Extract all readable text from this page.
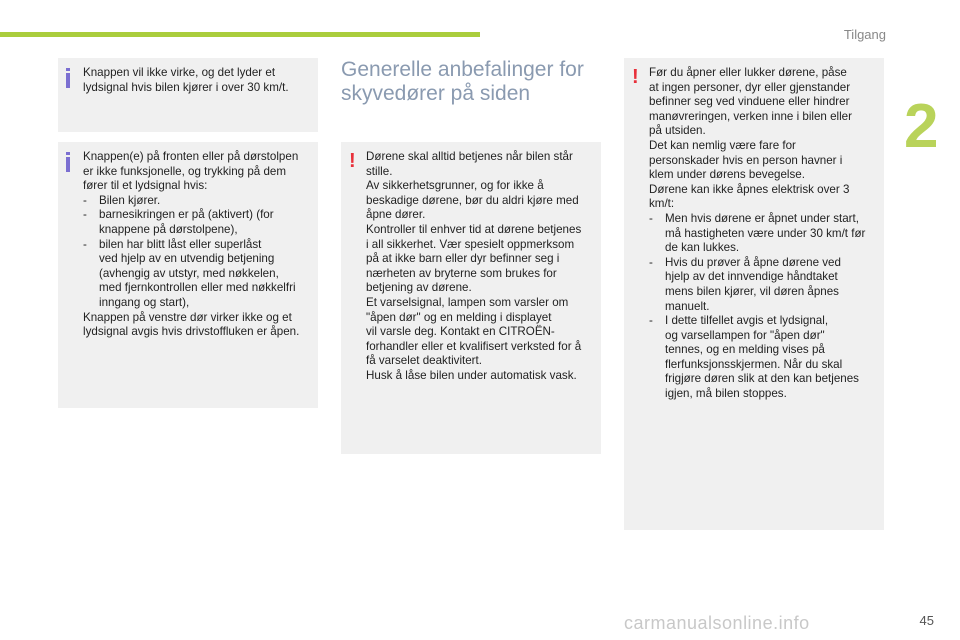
Tilgang
2

Knappen vil ikke virke, og det lyder et
lydsignal hvis bilen kjører i over 30 km/t.

Knappen(e) på fronten eller på dørstolpen
er ikke funksjonelle, og trykking på dem
fører til et lydsignal hvis:
- Bilen kjører.
- barnesikringen er på (aktivert) (for
knappene på dørstolpene),
- bilen har blitt låst eller superlåst
ved hjelp av en utvendig betjening
(avhengig av utstyr, med nøkkelen,
med fjernkontrollen eller med nøkkelfri
inngang og start),
Knappen på venstre dør virker ikke og et
lydsignal avgis hvis drivstoffluken er åpen.

Generelle anbefalinger for skyvedører på siden
! Dørene skal alltid betjenes når bilen står
stille.
Av sikkerhetsgrunner, og for ikke å
beskadige dørene, bør du aldri kjøre med
åpne dører.
Kontroller til enhver tid at dørene betjenes
i all sikkerhet. Vær spesielt oppmerksom
på at ikke barn eller dyr befinner seg i
nærheten av bryterne som brukes for
betjening av dørene.
Et varselsignal, lampen som varsler om
"åpen dør" og en melding i displayet
vil varsle deg. Kontakt en CITROËN-
forhandler eller et kvalifisert verksted for å
få varselet deaktivitert.
Husk å låse bilen under automatisk vask.

! Før du åpner eller lukker dørene, påse
at ingen personer, dyr eller gjenstander
befinner seg ved vinduene eller hindrer
manøvreringen, verken inne i bilen eller
på utsiden.
Det kan nemlig være fare for
personskader hvis en person havner i
klem under dørens bevegelse.
Dørene kan ikke åpnes elektrisk over 3
km/t:
- Men hvis dørene er åpnet under start,
må hastigheten være under 30 km/t før
de kan lukkes.
- Hvis du prøver å åpne dørene ved
hjelp av det innvendige håndtaket
mens bilen kjører, vil døren åpnes
manuelt.
- I dette tilfellet avgis et lydsignal,
og varsellampen for "åpen dør"
tennes, og en melding vises på
flerfunksjonsskjermen. Når du skal
frigjøre døren slik at den kan betjenes
igjen, må bilen stoppes.

carmanualsonline.info	45
